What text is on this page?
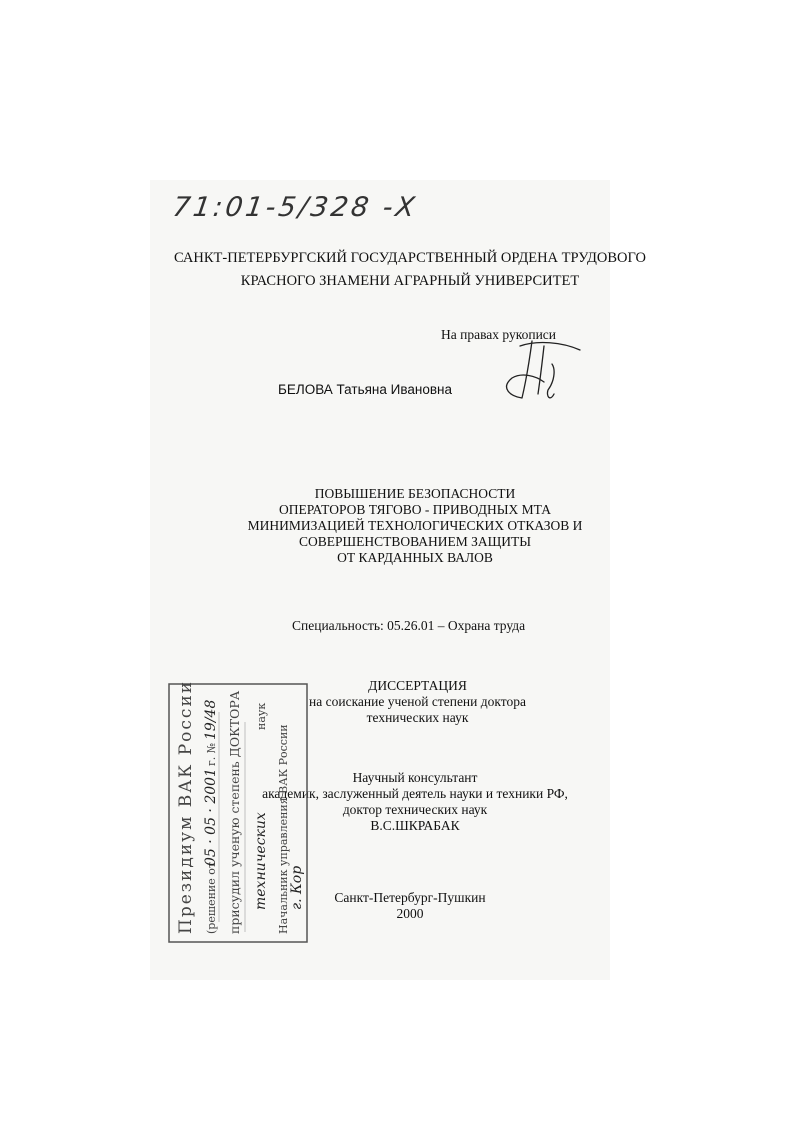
71:01-5/328 -Х
САНКТ-ПЕТЕРБУРГСКИЙ ГОСУДАРСТВЕННЫЙ ОРДЕНА ТРУДОВОГО
КРАСНОГО ЗНАМЕНИ АГРАРНЫЙ УНИВЕРСИТЕТ
На правах рукописи
БЕЛОВА Татьяна Ивановна
ПОВЫШЕНИЕ БЕЗОПАСНОСТИ
ОПЕРАТОРОВ ТЯГОВО - ПРИВОДНЫХ МТА
МИНИМИЗАЦИЕЙ ТЕХНОЛОГИЧЕСКИХ ОТКАЗОВ И
СОВЕРШЕНСТВОВАНИЕМ ЗАЩИТЫ
ОТ КАРДАННЫХ ВАЛОВ
Специальность: 05.26.01 – Охрана труда
ДИССЕРТАЦИЯ
на соискание ученой степени доктора
технических наук
Научный консультант
академик, заслуженный деятель науки и техники РФ,
доктор технических наук
В.С.ШКРАБАК
Санкт-Петербург-Пушкин
2000
Президиум ВАК России (решение от
05 · 05 · 2001
г. №
19/48 присудил ученую степень ДОКТОРА технических
наук
Начальник управления ВАК России г. Кор
